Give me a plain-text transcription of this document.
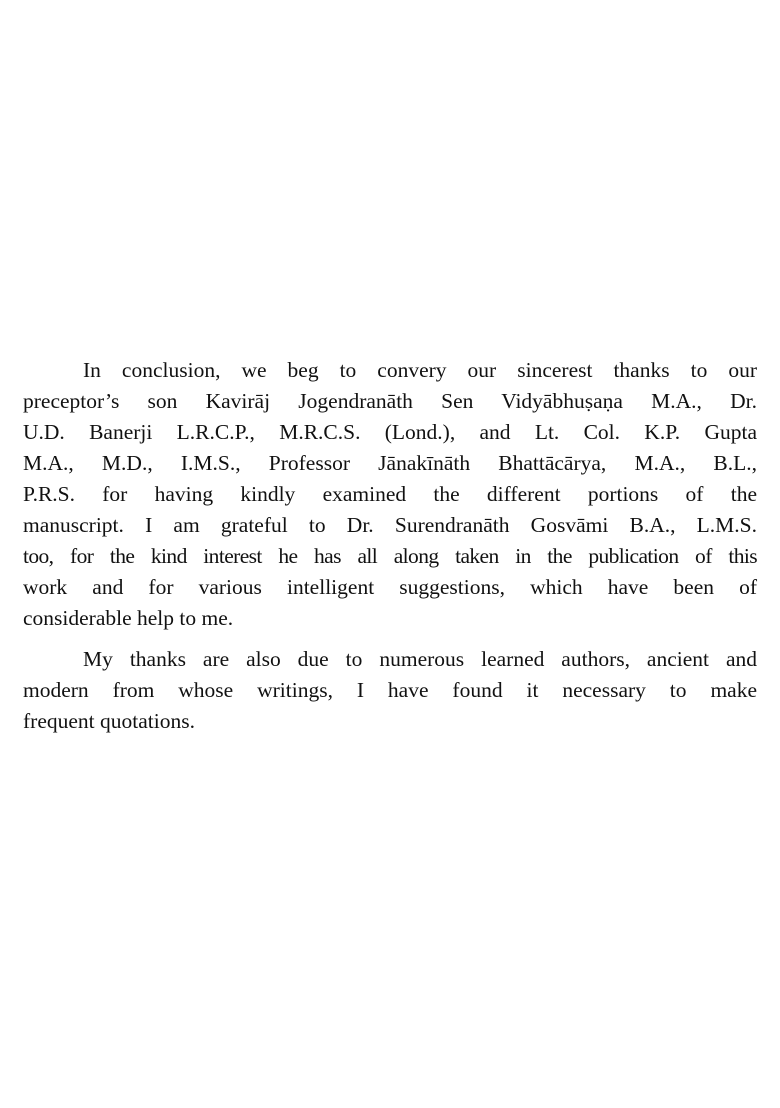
In conclusion, we beg to convery our sincerest thanks to our
preceptor’s son Kavirāj Jogendranāth Sen Vidyābhuṣaṇa M.A., Dr.
U.D. Banerji L.R.C.P., M.R.C.S. (Lond.), and Lt. Col. K.P. Gupta
M.A., M.D., I.M.S., Professor Jānakīnāth Bhattācārya, M.A., B.L.,
P.R.S. for having kindly examined the different portions of the
manuscript. I am grateful to Dr. Surendranāth Gosvāmi B.A., L.M.S.
too, for the kind interest he has all along taken in the publication of this
work and for various intelligent suggestions, which have been of
considerable help to me.
My thanks are also due to numerous learned authors, ancient and
modern from whose writings, I have found it necessary to make
frequent quotations.
